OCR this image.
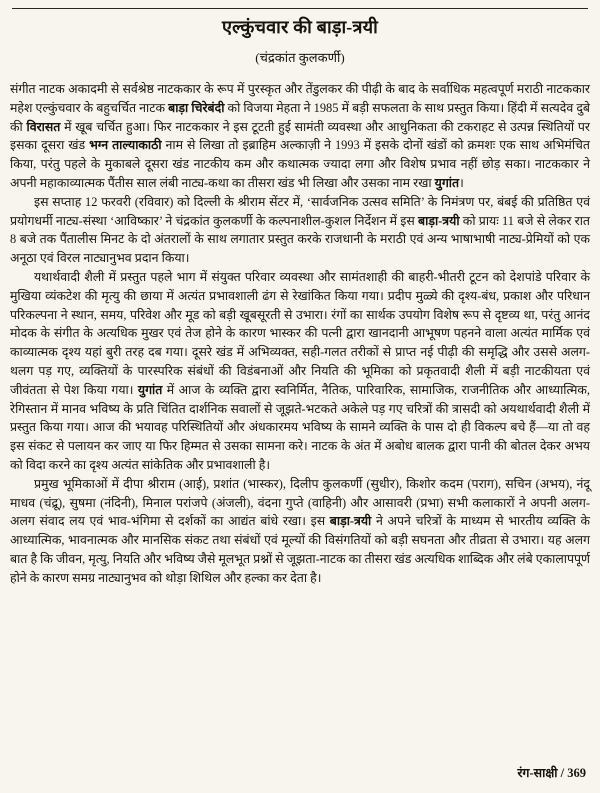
एल्कुंचवार की बाड़ा-त्रयी
(चंद्रकांत कुलकर्णी)

संगीत नाटक अकादमी से सर्वश्रेष्ठ नाटककार के रूप में पुरस्कृत और तेंडुलकर की पीढ़ी के बाद के सर्वाधिक महत्वपूर्ण मराठी नाटककार महेश एल्कुंचवार के बहुचर्चित नाटक बाड़ा चिरेबंदी को विजया मेहता ने 1985 में बड़ी सफलता के साथ प्रस्तुत किया। हिंदी में सत्यदेव दुबे की विरासत में खूब चर्चित हुआ। फिर नाटककार ने इस टूटती हुई सामंती व्यवस्था और आधुनिकता की टकराहट से उत्पन्न स्थितियों पर इसका दूसरा खंड भग्न ताल्याकाठी नाम से लिखा तो इब्राहिम अल्काज़ी ने 1993 में इसके दोनों खंडों को क्रमशः एक साथ अभिमंचित किया, परंतु पहले के मुकाबले दूसरा खंड नाटकीय कम और कथात्मक ज्यादा लगा और विशेष प्रभाव नहीं छोड़ सका। नाटककार ने अपनी महाकाव्यात्मक पैंतीस साल लंबी नाट्य-कथा का तीसरा खंड भी लिखा और उसका नाम रखा युगांत।

इस सप्ताह 12 फरवरी (रविवार) को दिल्ली के श्रीराम सेंटर में, ‘सार्वजनिक उत्सव समिति’ के निमंत्रण पर, बंबई की प्रतिष्ठित एवं प्रयोगधर्मी नाट्य-संस्था ‘आविष्कार’ ने चंद्रकांत कुलकर्णी के कल्पनाशील-कुशल निर्देशन में इस बाड़ा-त्रयी को प्रायः 11 बजे से लेकर रात 8 बजे तक पैंतालीस मिनट के दो अंतरालों के साथ लगातार प्रस्तुत करके राजधानी के मराठी एवं अन्य भाषाभाषी नाट्य-प्रेमियों को एक अनूठा एवं विरल नाट्यानुभव प्रदान किया।

यथार्थवादी शैली में प्रस्तुत पहले भाग में संयुक्त परिवार व्यवस्था और सामंतशाही की बाहरी-भीतरी टूटन को देशपांडे परिवार के मुखिया व्यंकटेश की मृत्यु की छाया में अत्यंत प्रभावशाली ढंग से रेखांकित किया गया। प्रदीप मुळ्ये की दृश्य-बंध, प्रकाश और परिधान परिकल्पना ने स्थान, समय, परिवेश और मूड को बड़ी खूबसूरती से उभारा। रंगों का सार्थक उपयोग विशेष रूप से दृष्टव्य था, परंतु आनंद मोदक के संगीत के अत्यधिक मुखर एवं तेज होने के कारण भास्कर की पत्नी द्वारा खानदानी आभूषण पहनने वाला अत्यंत मार्मिक एवं काव्यात्मक दृश्य यहां बुरी तरह दब गया। दूसरे खंड में अभिव्यक्त, सही-गलत तरीकों से प्राप्त नई पीढ़ी की समृद्धि और उससे अलग-थलग पड़ गए, व्यक्तियों के पारस्परिक संबंधों की विडंबनाओं और नियति की भूमिका को प्रकृतवादी शैली में बड़ी नाटकीयता एवं जीवंतता से पेश किया गया। युगांत में आज के व्यक्ति द्वारा स्वनिर्मित, नैतिक, पारिवारिक, सामाजिक, राजनीतिक और आध्यात्मिक, रेगिस्तान में मानव भविष्य के प्रति चिंतित दार्शनिक सवालों से जूझते-भटकते अकेले पड़ गए चरित्रों की त्रासदी को अयथार्थवादी शैली में प्रस्तुत किया गया। आज की भयावह परिस्थितियों और अंधकारमय भविष्य के सामने व्यक्ति के पास दो ही विकल्प बचे हैं—या तो वह इस संकट से पलायन कर जाए या फिर हिम्मत से उसका सामना करे। नाटक के अंत में अबोध बालक द्वारा पानी की बोतल देकर अभय को विदा करने का दृश्य अत्यंत सांकेतिक और प्रभावशाली है।

प्रमुख भूमिकाओं में दीपा श्रीराम (आई), प्रशांत (भास्कर), दिलीप कुलकर्णी (सुधीर), किशोर कदम (पराग), सचिन (अभय), नंदू माधव (चंद्रू), सुषमा (नंदिनी), मिनाल परांजपे (अंजली), वंदना गुप्ते (वाहिनी) और आसावरी (प्रभा) सभी कलाकारों ने अपनी अलग-अलग संवाद लय एवं भाव-भंगिमा से दर्शकों का आद्यंत बांधे रखा। इस बाड़ा-त्रयी ने अपने चरित्रों के माध्यम से भारतीय व्यक्ति के आध्यात्मिक, भावनात्मक और मानसिक संकट तथा संबंधों एवं मूल्यों की विसंगतियों को बड़ी सघनता और तीव्रता से उभारा। यह अलग बात है कि जीवन, मृत्यु, नियति और भविष्य जैसे मूलभूत प्रश्नों से जूझता-नाटक का तीसरा खंड अत्यधिक शाब्दिक और लंबे एकालापपूर्ण होने के कारण समग्र नाट्यानुभव को थोड़ा शिथिल और हल्का कर देता है।

रंग-साक्षी / 369
